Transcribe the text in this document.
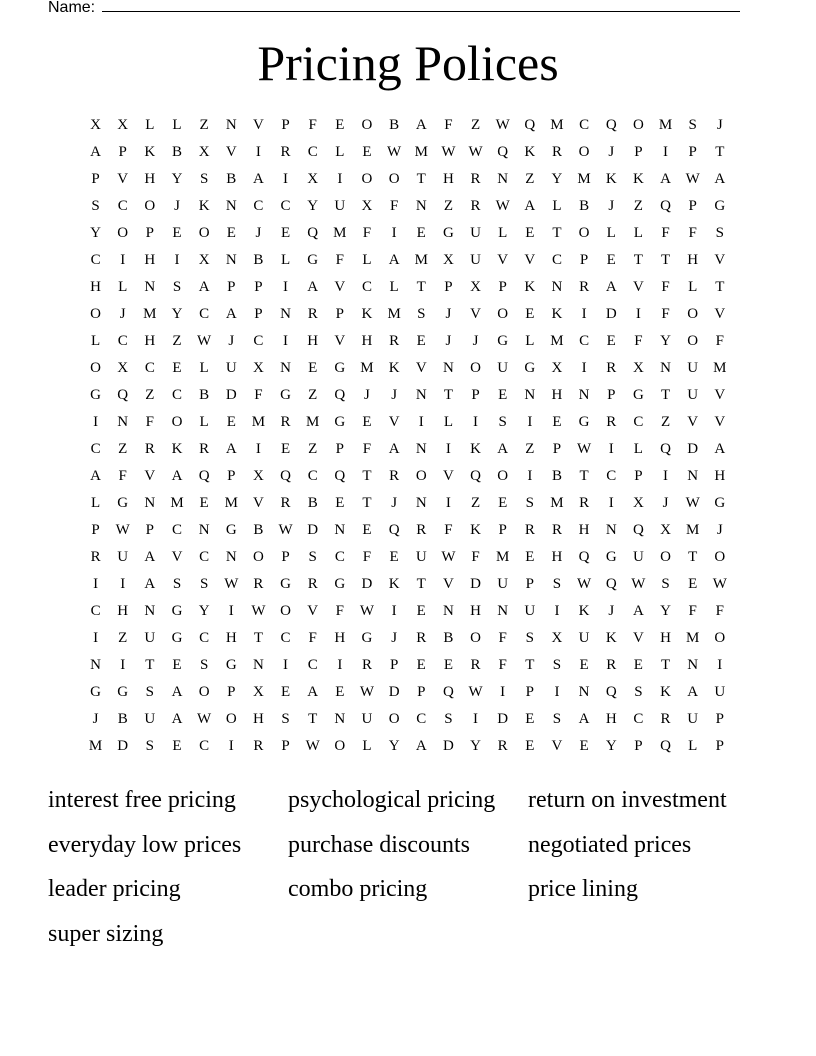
Name:
Pricing Polices
X	X	L	L	Z	N	V	P	F	E	O	B	A	F	Z	W Q	M	C	Q	O	M	S	J
A	P	K	B	X	V	I	R	C	L	E	W M W W Q	K	R	O	J	P	I	P	T
P	V	H	Y	S	B	A	I	X	I	O	O	T	H	R	N	Z	Y	M	K	K	A W A
S	C	O	J	K	N	C	C	Y	U	X	F	N	Z	R	W A	L	B	J	Z	Q	P	G
Y	O	P	E	O	E	J	E	Q	M	F	I	E	G	U	L	E	T	O	L	L	F	F	S
C	I	H	I	X	N	B	L	G	F	L	A	M	X	U	V	V	C	P	E	T	T	H	V
H	L	N	S	A	P	P	I	A	V	C	L	T	P	X	P	K	N	R	A	V	F	L	T
O	J	M	Y	C	A	P	N	R	P	K	M	S	J	V	O	E	K	I	D	I	F	O	V
L	C	H	Z	W	J	C	I	H	V	H	R	E	J	J	G	L	M	C	E	F	Y	O	F
O	X	C	E	L	U	X	N	E	G	M	K	V	N	O	U	G	X	I	R	X	N	U	M
G	Q	Z	C	B	D	F	G	Z	Q	J	J	N	T	P	E	N	H	N	P	G	T	U	V
I	N	F	O	L	E	M	R	M	G	E	V	I	L	I	S	I	E	G	R	C	Z	V	V
C	Z	R	K	R	A	I	E	Z	P	F	A	N	I	K	A	Z	P	W	I	L	Q	D	A
A	F	V	A	Q	P	X	Q	C	Q	T	R	O	V	Q	O	I	B	T	C	P	I	N	H
L	G	N	M	E	M	V	R	B	E	T	J	N	I	Z	E	S	M	R	I	X	J	W G
P	W	P	C	N	G	B	W D	N	E	Q	R	F	K	P	R	R	H	N	Q	X	M	J
R	U	A	V	C	N	O	P	S	C	F	E	U W	F	M	E	H	Q	G	U	O	T	O
I	I	A	S	S	W	R	G	R	G	D	K	T	V	D	U	P	S	W Q W	S	E	W
C	H	N	G	Y	I	W O	V	F	W	I	E	N	H	N	U	I	K	J	A	Y	F	F
I	Z	U	G	C	H	T	C	F	H	G	J	R	B	O	F	S	X	U	K	V	H	M	O
N	I	T	E	S	G	N	I	C	I	R	P	E	E	R	F	T	S	E	R	E	T	N	I
G	G	S	A	O	P	X	E	A	E	W D	P	Q W	I	P	I	N	Q	S	K	A	U
J	B	U	A W O	H	S	T	N	U	O	C	S	I	D	E	S	A	H	C	R	U	P
M	D	S	E	C	I	R	P	W O	L	Y	A	D	Y	R	E	V	E	Y	P	Q	L	P
interest free pricing	psychological pricing	return on investment
everyday low prices	purchase discounts	negotiated prices
leader pricing	combo pricing	price lining
super sizing
